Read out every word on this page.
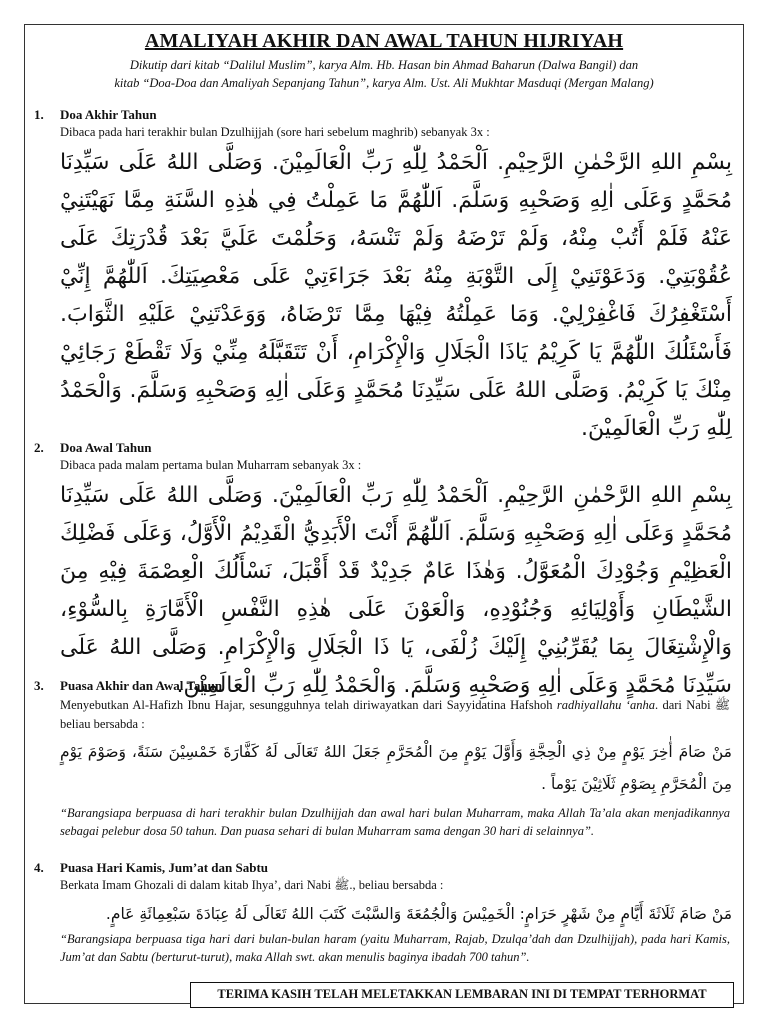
AMALIYAH AKHIR DAN AWAL TAHUN HIJRIYAH
Dikutip dari kitab “Dalilul Muslim”, karya Alm. Hb. Hasan bin Ahmad Baharun (Dalwa Bangil) dan
kitab “Doa-Doa dan Amaliyah Sepanjang Tahun”, karya Alm. Ust. Ali Mukhtar Masduqi (Mergan Malang)
1. Doa Akhir Tahun
Dibaca pada hari terakhir bulan Dzulhijjah (sore hari sebelum maghrib) sebanyak 3x :
بِسْمِ اللهِ الرَّحْمٰنِ الرَّحِيْمِ. اَلْحَمْدُ لِلّٰهِ رَبِّ الْعَالَمِيْنَ. وَصَلَّى اللهُ عَلَى سَيِّدِنَا مُحَمَّدٍ وَعَلَى اٰلِهِ وَصَحْبِهِ وَسَلَّمَ. اَللّٰهُمَّ مَا عَمِلْتُ فِي هٰذِهِ السَّنَةِ مِمَّا نَهَيْتَنِيْ عَنْهُ فَلَمْ أَتُبْ مِنْهُ، وَلَمْ تَرْضَهُ وَلَمْ تَنْسَهُ، وَحَلُمْتَ عَلَيَّ بَعْدَ قُدْرَتِكَ عَلَى عُقُوْبَتِيْ. وَدَعَوْتَنِيْ إِلَى التَّوْبَةِ مِنْهُ بَعْدَ جَرَاءَتِيْ عَلَى مَعْصِيَتِكَ. اَللّٰهُمَّ إِنِّيْ أَسْتَغْفِرُكَ فَاغْفِرْلِيْ. وَمَا عَمِلْتُهُ فِيْهَا مِمَّا تَرْضَاهُ، وَوَعَدْتَنِيْ عَلَيْهِ الثَّوَابَ. فَأَسْئَلُكَ اللّٰهُمَّ يَا كَرِيْمُ يَاذَا الْجَلَالِ وَالْإِكْرَامِ، أَنْ تَتَقَبَّلَهُ مِنِّيْ وَلَا تَقْطَعْ رَجَائِيْ مِنْكَ يَا كَرِيْمُ. وَصَلَّى اللهُ عَلَى سَيِّدِنَا مُحَمَّدٍ وَعَلَى اٰلِهِ وَصَحْبِهِ وَسَلَّمَ. وَالْحَمْدُ لِلّٰهِ رَبِّ الْعَالَمِيْنَ.
2. Doa Awal Tahun
Dibaca pada malam pertama bulan Muharram sebanyak 3x :
بِسْمِ اللهِ الرَّحْمٰنِ الرَّحِيْمِ. اَلْحَمْدُ لِلّٰهِ رَبِّ الْعَالَمِيْنَ. وَصَلَّى اللهُ عَلَى سَيِّدِنَا مُحَمَّدٍ وَعَلَى اٰلِهِ وَصَحْبِهِ وَسَلَّمَ. اَللّٰهُمَّ أَنْتَ الْأَبَدِيُّ الْقَدِيْمُ الْأَوَّلُ، وَعَلَى فَضْلِكَ الْعَظِيْمِ وَجُوْدِكَ الْمُعَوَّلُ. وَهٰذَا عَامٌ جَدِيْدٌ قَدْ أَقْبَلَ، نَسْأَلُكَ الْعِصْمَةَ فِيْهِ مِنَ الشَّيْطَانِ وَأَوْلِيَائِهِ وَجُنُوْدِهِ، وَالْعَوْنَ عَلَى هٰذِهِ النَّفْسِ الْأَمَّارَةِ بِالسُّوْءِ، وَالْإِشْتِغَالَ بِمَا يُقَرِّبُنِيْ إِلَيْكَ زُلْفَى، يَا ذَا الْجَلَالِ وَالْإِكْرَامِ. وَصَلَّى اللهُ عَلَى سَيِّدِنَا مُحَمَّدٍ وَعَلَى اٰلِهِ وَصَحْبِهِ وَسَلَّمَ. وَالْحَمْدُ لِلّٰهِ رَبِّ الْعَالَمِيْنَ.
3. Puasa Akhir dan Awal Tahun
Menyebutkan Al-Hafizh Ibnu Hajar, sesungguhnya telah diriwayatkan dari Sayyidatina Hafshoh radhiyallahu ‘anha. dari Nabi ﷺ beliau bersabda :
مَنْ صَامَ أٰخِرَ يَوْمٍ مِنْ ذِي الْحِجَّةِ وَأَوَّلَ يَوْمٍ مِنَ الْمُحَرَّمِ جَعَلَ اللهُ تَعَالَى لَهُ كَفَّارَةَ خَمْسِيْنَ سَنَةً، وَصَوْمَ يَوْمٍ مِنَ الْمُحَرَّمِ بِصَوْمِ ثَلَاثِيْنَ يَوْماً .
“Barangsiapa berpuasa di hari terakhir bulan Dzulhijjah dan awal hari bulan Muharram, maka Allah Ta’ala akan menjadikannya sebagai pelebur dosa 50 tahun. Dan puasa sehari di bulan Muharram sama dengan 30 hari di selainnya”.
4. Puasa Hari Kamis, Jum’at dan Sabtu
Berkata Imam Ghozali di dalam kitab Ihya’, dari Nabi ﷺ., beliau bersabda :
مَنْ صَامَ ثَلَاثَةَ أَيَّامٍ مِنْ شَهْرٍ حَرَامٍ: الْخَمِيْسَ وَالْجُمُعَةَ وَالسَّبْتَ كَتَبَ اللهُ تَعَالَى لَهُ عِبَادَةَ سَبْعِمِائَةِ عَامٍ.
“Barangsiapa berpuasa tiga hari dari bulan-bulan haram (yaitu Muharram, Rajab, Dzulqa’dah dan Dzulhijjah), pada hari Kamis, Jum’at dan Sabtu (berturut-turut), maka Allah swt. akan menulis baginya ibadah 700 tahun”.
TERIMA KASIH TELAH MELETAKKAN LEMBARAN INI DI TEMPAT TERHORMAT
